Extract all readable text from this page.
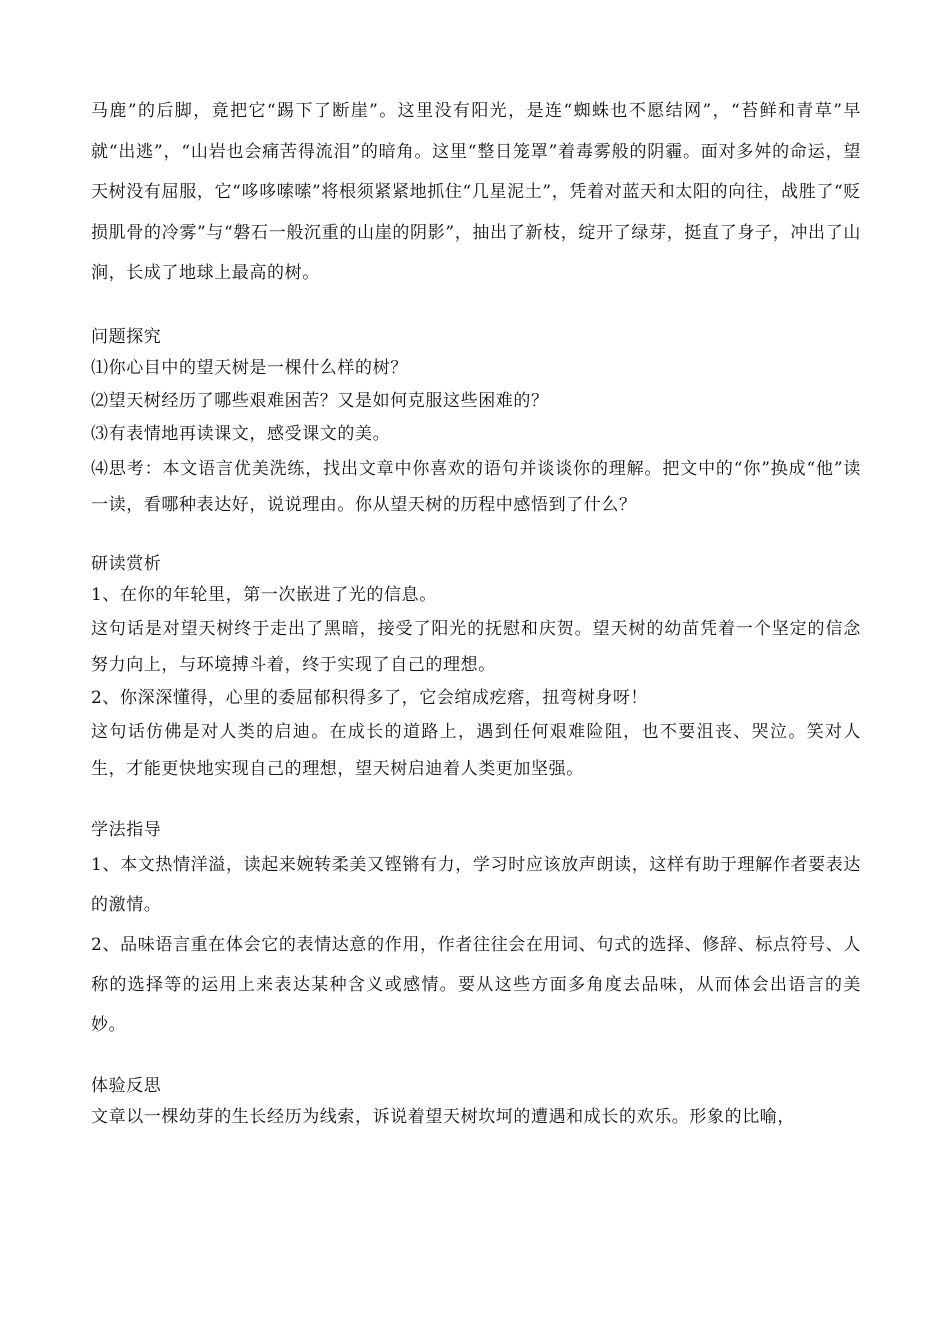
马鹿”的后脚，竟把它“踢下了断崖”。这里没有阳光，是连“蜘蛛也不愿结网”，“苔鲜和青草”早就“出逃”，“山岩也会痛苦得流泪”的暗角。这里“整日笼罩”着毒雾般的阴霾。面对多舛的命运，望天树没有屈服，它“哆哆嗦嗦”将根须紧紧地抓住“几星泥土”，凭着对蓝天和太阳的向往，战胜了“贬损肌骨的冷雾”与“磐石一般沉重的山崖的阴影”，抽出了新枝，绽开了绿芽，挺直了身子，冲出了山涧，长成了地球上最高的树。

问题探究

⑴你心目中的望天树是一棵什么样的树？

⑵望天树经历了哪些艰难困苦？又是如何克服这些困难的？

⑶有表情地再读课文，感受课文的美。

⑷思考：本文语言优美洗练，找出文章中你喜欢的语句并谈谈你的理解。把文中的“你”换成“他”读一读，看哪种表达好，说说理由。你从望天树的历程中感悟到了什么？

研读赏析

1、在你的年轮里，第一次嵌进了光的信息。

这句话是对望天树终于走出了黑暗，接受了阳光的抚慰和庆贺。望天树的幼苗凭着一个坚定的信念努力向上，与环境搏斗着，终于实现了自己的理想。

2、你深深懂得，心里的委屈郁积得多了，它会绾成疙瘩，扭弯树身呀！

这句话仿佛是对人类的启迪。在成长的道路上，遇到任何艰难险阻，也不要沮丧、哭泣。笑对人生，才能更快地实现自己的理想，望天树启迪着人类更加坚强。

学法指导

1、本文热情洋溢，读起来婉转柔美又铿锵有力，学习时应该放声朗读，这样有助于理解作者要表达的激情。

2、品味语言重在体会它的表情达意的作用，作者往往会在用词、句式的选择、修辞、标点符号、人称的选择等的运用上来表达某种含义或感情。要从这些方面多角度去品味，从而体会出语言的美妙。

体验反思

文章以一棵幼芽的生长经历为线索，诉说着望天树坎坷的遭遇和成长的欢乐。形象的比喻，
